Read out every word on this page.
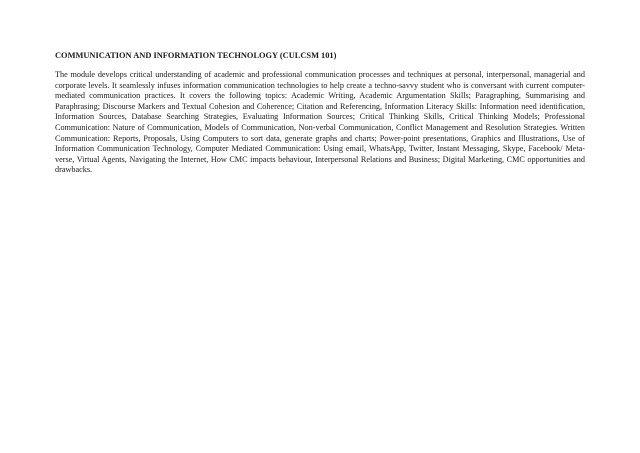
COMMUNICATION AND INFORMATION TECHNOLOGY (CULCSM 101)

The module develops critical understanding of academic and professional communication processes and techniques at personal, interpersonal, managerial and corporate levels. It seamlessly infuses information communication technologies to help create a techno-savvy student who is conversant with current computer-mediated communication practices. It covers the following topics: Academic Writing, Academic Argumentation Skills; Paragraphing, Summarising and Paraphrasing; Discourse Markers and Textual Cohesion and Coherence; Citation and Referencing, Information Literacy Skills: Information need identification, Information Sources, Database Searching Strategies, Evaluating Information Sources; Critical Thinking Skills, Critical Thinking Models; Professional Communication: Nature of Communication, Models of Communication, Non-verbal Communication, Conflict Management and Resolution Strategies. Written Communication: Reports, Proposals, Using Computers to sort data, generate graphs and charts; Power-point presentations, Graphics and Illustrations, Use of Information Communication Technology, Computer Mediated Communication: Using email, WhatsApp, Twitter, Instant Messaging, Skype, Facebook/ Meta-verse, Virtual Agents, Navigating the Internet, How CMC impacts behaviour, Interpersonal Relations and Business; Digital Marketing, CMC opportunities and drawbacks.
